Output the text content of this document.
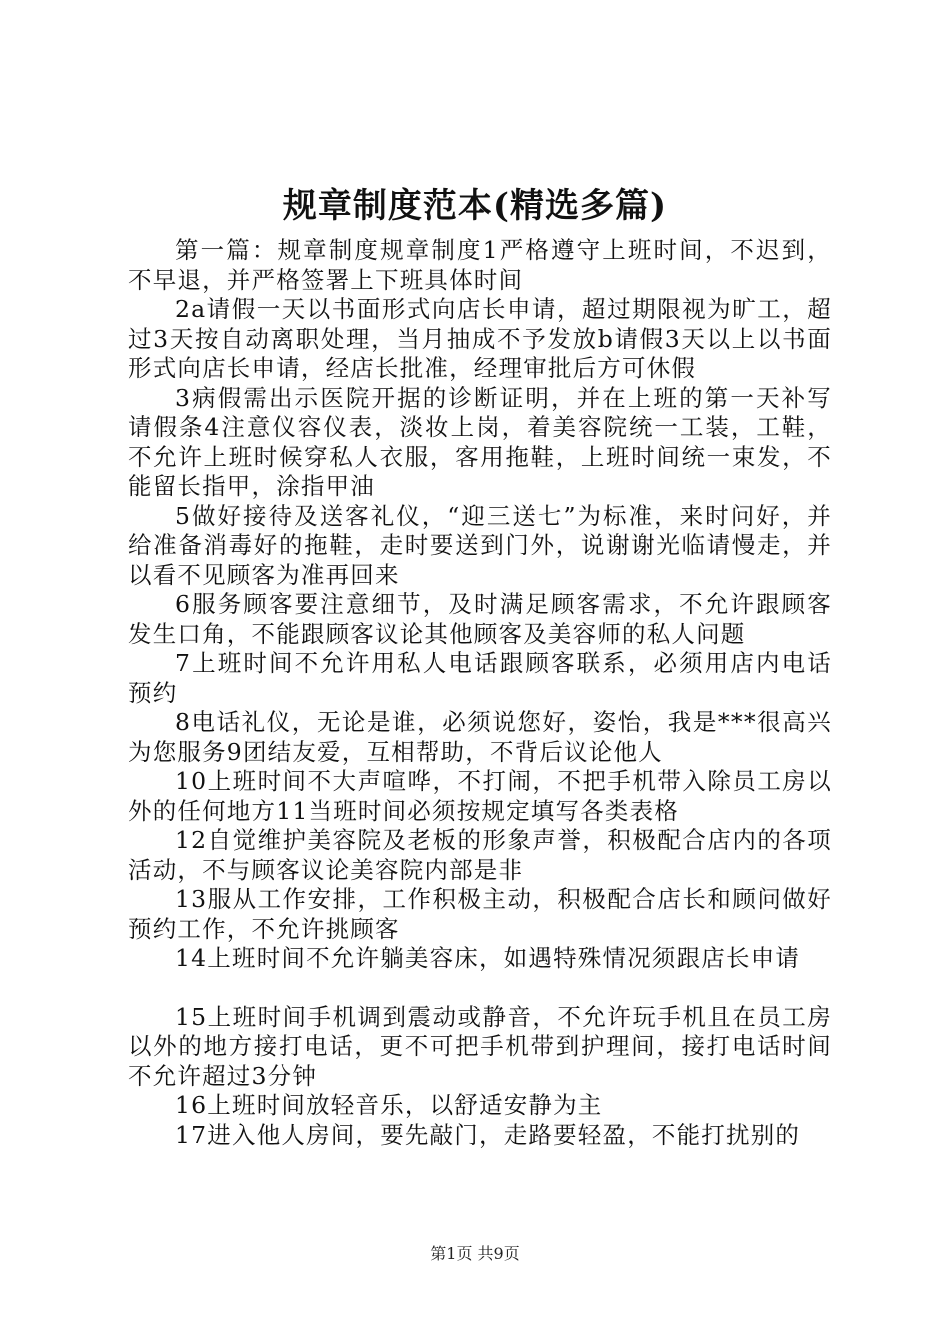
规章制度范本(精选多篇)

第一篇：规章制度规章制度1严格遵守上班时间，不迟到，不早退，并严格签署上下班具体时间

2a请假一天以书面形式向店长申请，超过期限视为旷工，超过3天按自动离职处理，当月抽成不予发放b请假3天以上以书面形式向店长申请，经店长批准，经理审批后方可休假

3病假需出示医院开据的诊断证明，并在上班的第一天补写请假条4注意仪容仪表，淡妆上岗，着美容院统一工装，工鞋，不允许上班时候穿私人衣服，客用拖鞋，上班时间统一束发，不能留长指甲，涂指甲油

5做好接待及送客礼仪，“迎三送七”为标准，来时问好，并给准备消毒好的拖鞋，走时要送到门外，说谢谢光临请慢走，并以看不见顾客为准再回来

6服务顾客要注意细节，及时满足顾客需求，不允许跟顾客发生口角，不能跟顾客议论其他顾客及美容师的私人问题

7上班时间不允许用私人电话跟顾客联系，必须用店内电话预约

8电话礼仪，无论是谁，必须说您好，姿怡，我是***很高兴为您服务9团结友爱，互相帮助，不背后议论他人

10上班时间不大声喧哗，不打闹，不把手机带入除员工房以外的任何地方11当班时间必须按规定填写各类表格

12自觉维护美容院及老板的形象声誉，积极配合店内的各项活动，不与顾客议论美容院内部是非

13服从工作安排，工作积极主动，积极配合店长和顾问做好预约工作，不允许挑顾客

14上班时间不允许躺美容床，如遇特殊情况须跟店长申请

15上班时间手机调到震动或静音，不允许玩手机且在员工房以外的地方接打电话，更不可把手机带到护理间，接打电话时间不允许超过3分钟

16上班时间放轻音乐，以舒适安静为主

17进入他人房间，要先敲门，走路要轻盈，不能打扰别的

第1页 共9页
